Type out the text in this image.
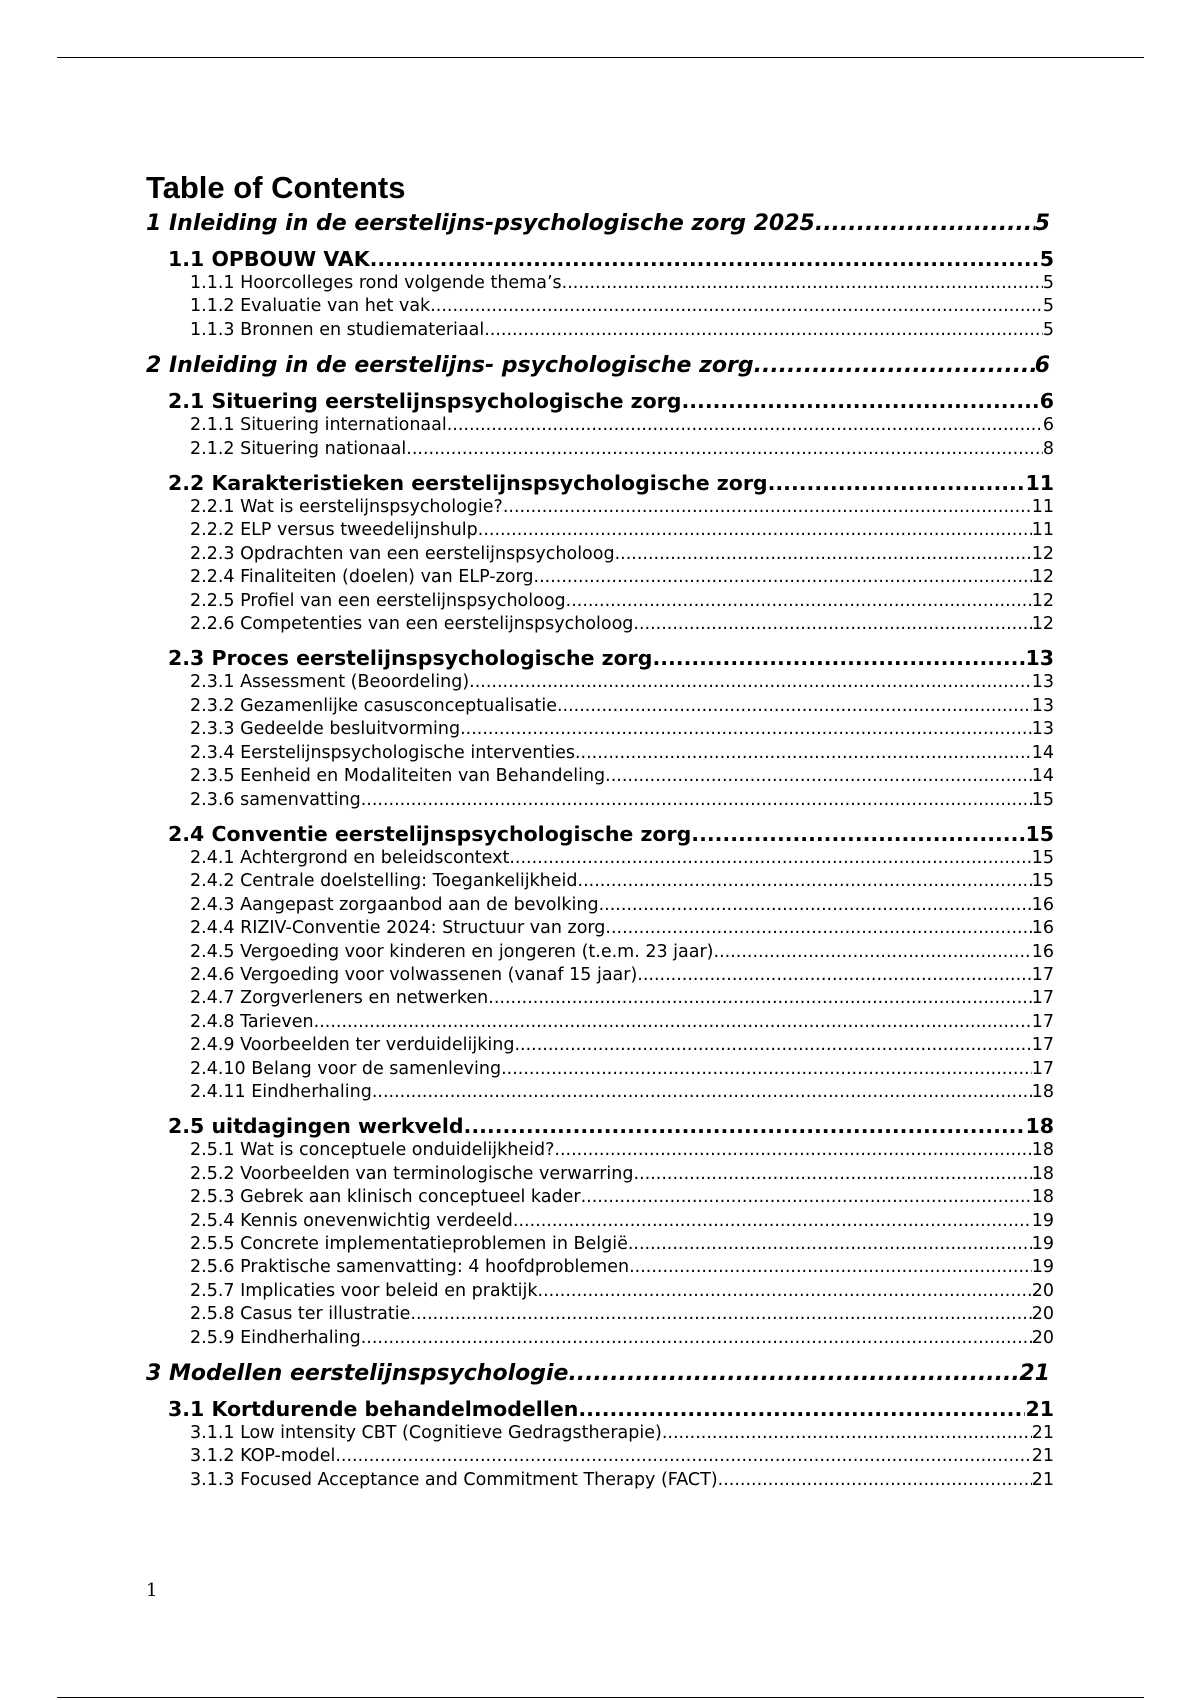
Table of Contents
1 Inleiding in de eerstelijns-psychologische zorg 2025 .....	5
1.1 OPBOUW VAK .....	5
1.1.1 Hoorcolleges rond volgende thema’s .....	5
1.1.2 Evaluatie van het vak .....	5
1.1.3 Bronnen en studiemateriaal .....	5
2 Inleiding in de eerstelijns- psychologische zorg .....	6
2.1 Situering eerstelijnspsychologische zorg .....	6
2.1.1 Situering internationaal .....	6
2.1.2 Situering nationaal .....	8
2.2 Karakteristieken eerstelijnspsychologische zorg .....	11
2.2.1 Wat is eerstelijnspsychologie? .....	11
2.2.2 ELP versus tweedelijnshulp .....	11
2.2.3 Opdrachten van een eerstelijnspsycholoog .....	12
2.2.4 Finaliteiten (doelen) van ELP-zorg .....	12
2.2.5 Profiel van een eerstelijnspsycholoog .....	12
2.2.6 Competenties van een eerstelijnspsycholoog .....	12
2.3 Proces eerstelijnspsychologische zorg .....	13
2.3.1 Assessment (Beoordeling) .....	13
2.3.2 Gezamenlijke casusconceptualisatie .....	13
2.3.3 Gedeelde besluitvorming .....	13
2.3.4 Eerstelijnspsychologische interventies .....	14
2.3.5 Eenheid en Modaliteiten van Behandeling .....	14
2.3.6 samenvatting .....	15
2.4 Conventie eerstelijnspsychologische zorg .....	15
2.4.1 Achtergrond en beleidscontext .....	15
2.4.2 Centrale doelstelling: Toegankelijkheid .....	15
2.4.3 Aangepast zorgaanbod aan de bevolking .....	16
2.4.4 RIZIV-Conventie 2024: Structuur van zorg .....	16
2.4.5 Vergoeding voor kinderen en jongeren (t.e.m. 23 jaar) .....	16
2.4.6 Vergoeding voor volwassenen (vanaf 15 jaar) .....	17
2.4.7 Zorgverleners en netwerken .....	17
2.4.8 Tarieven .....	17
2.4.9 Voorbeelden ter verduidelijking .....	17
2.4.10 Belang voor de samenleving .....	17
2.4.11 Eindherhaling .....	18
2.5 uitdagingen werkveld .....	18
2.5.1 Wat is conceptuele onduidelijkheid? .....	18
2.5.2 Voorbeelden van terminologische verwarring .....	18
2.5.3 Gebrek aan klinisch conceptueel kader .....	18
2.5.4 Kennis onevenwichtig verdeeld .....	19
2.5.5 Concrete implementatieproblemen in België .....	19
2.5.6 Praktische samenvatting: 4 hoofdproblemen .....	19
2.5.7 Implicaties voor beleid en praktijk .....	20
2.5.8 Casus ter illustratie .....	20
2.5.9 Eindherhaling .....	20
3 Modellen eerstelijnspsychologie .....	21
3.1 Kortdurende behandelmodellen .....	21
3.1.1 Low intensity CBT (Cognitieve Gedragstherapie) .....	21
3.1.2 KOP-model .....	21
3.1.3 Focused Acceptance and Commitment Therapy (FACT) .....	21
1
